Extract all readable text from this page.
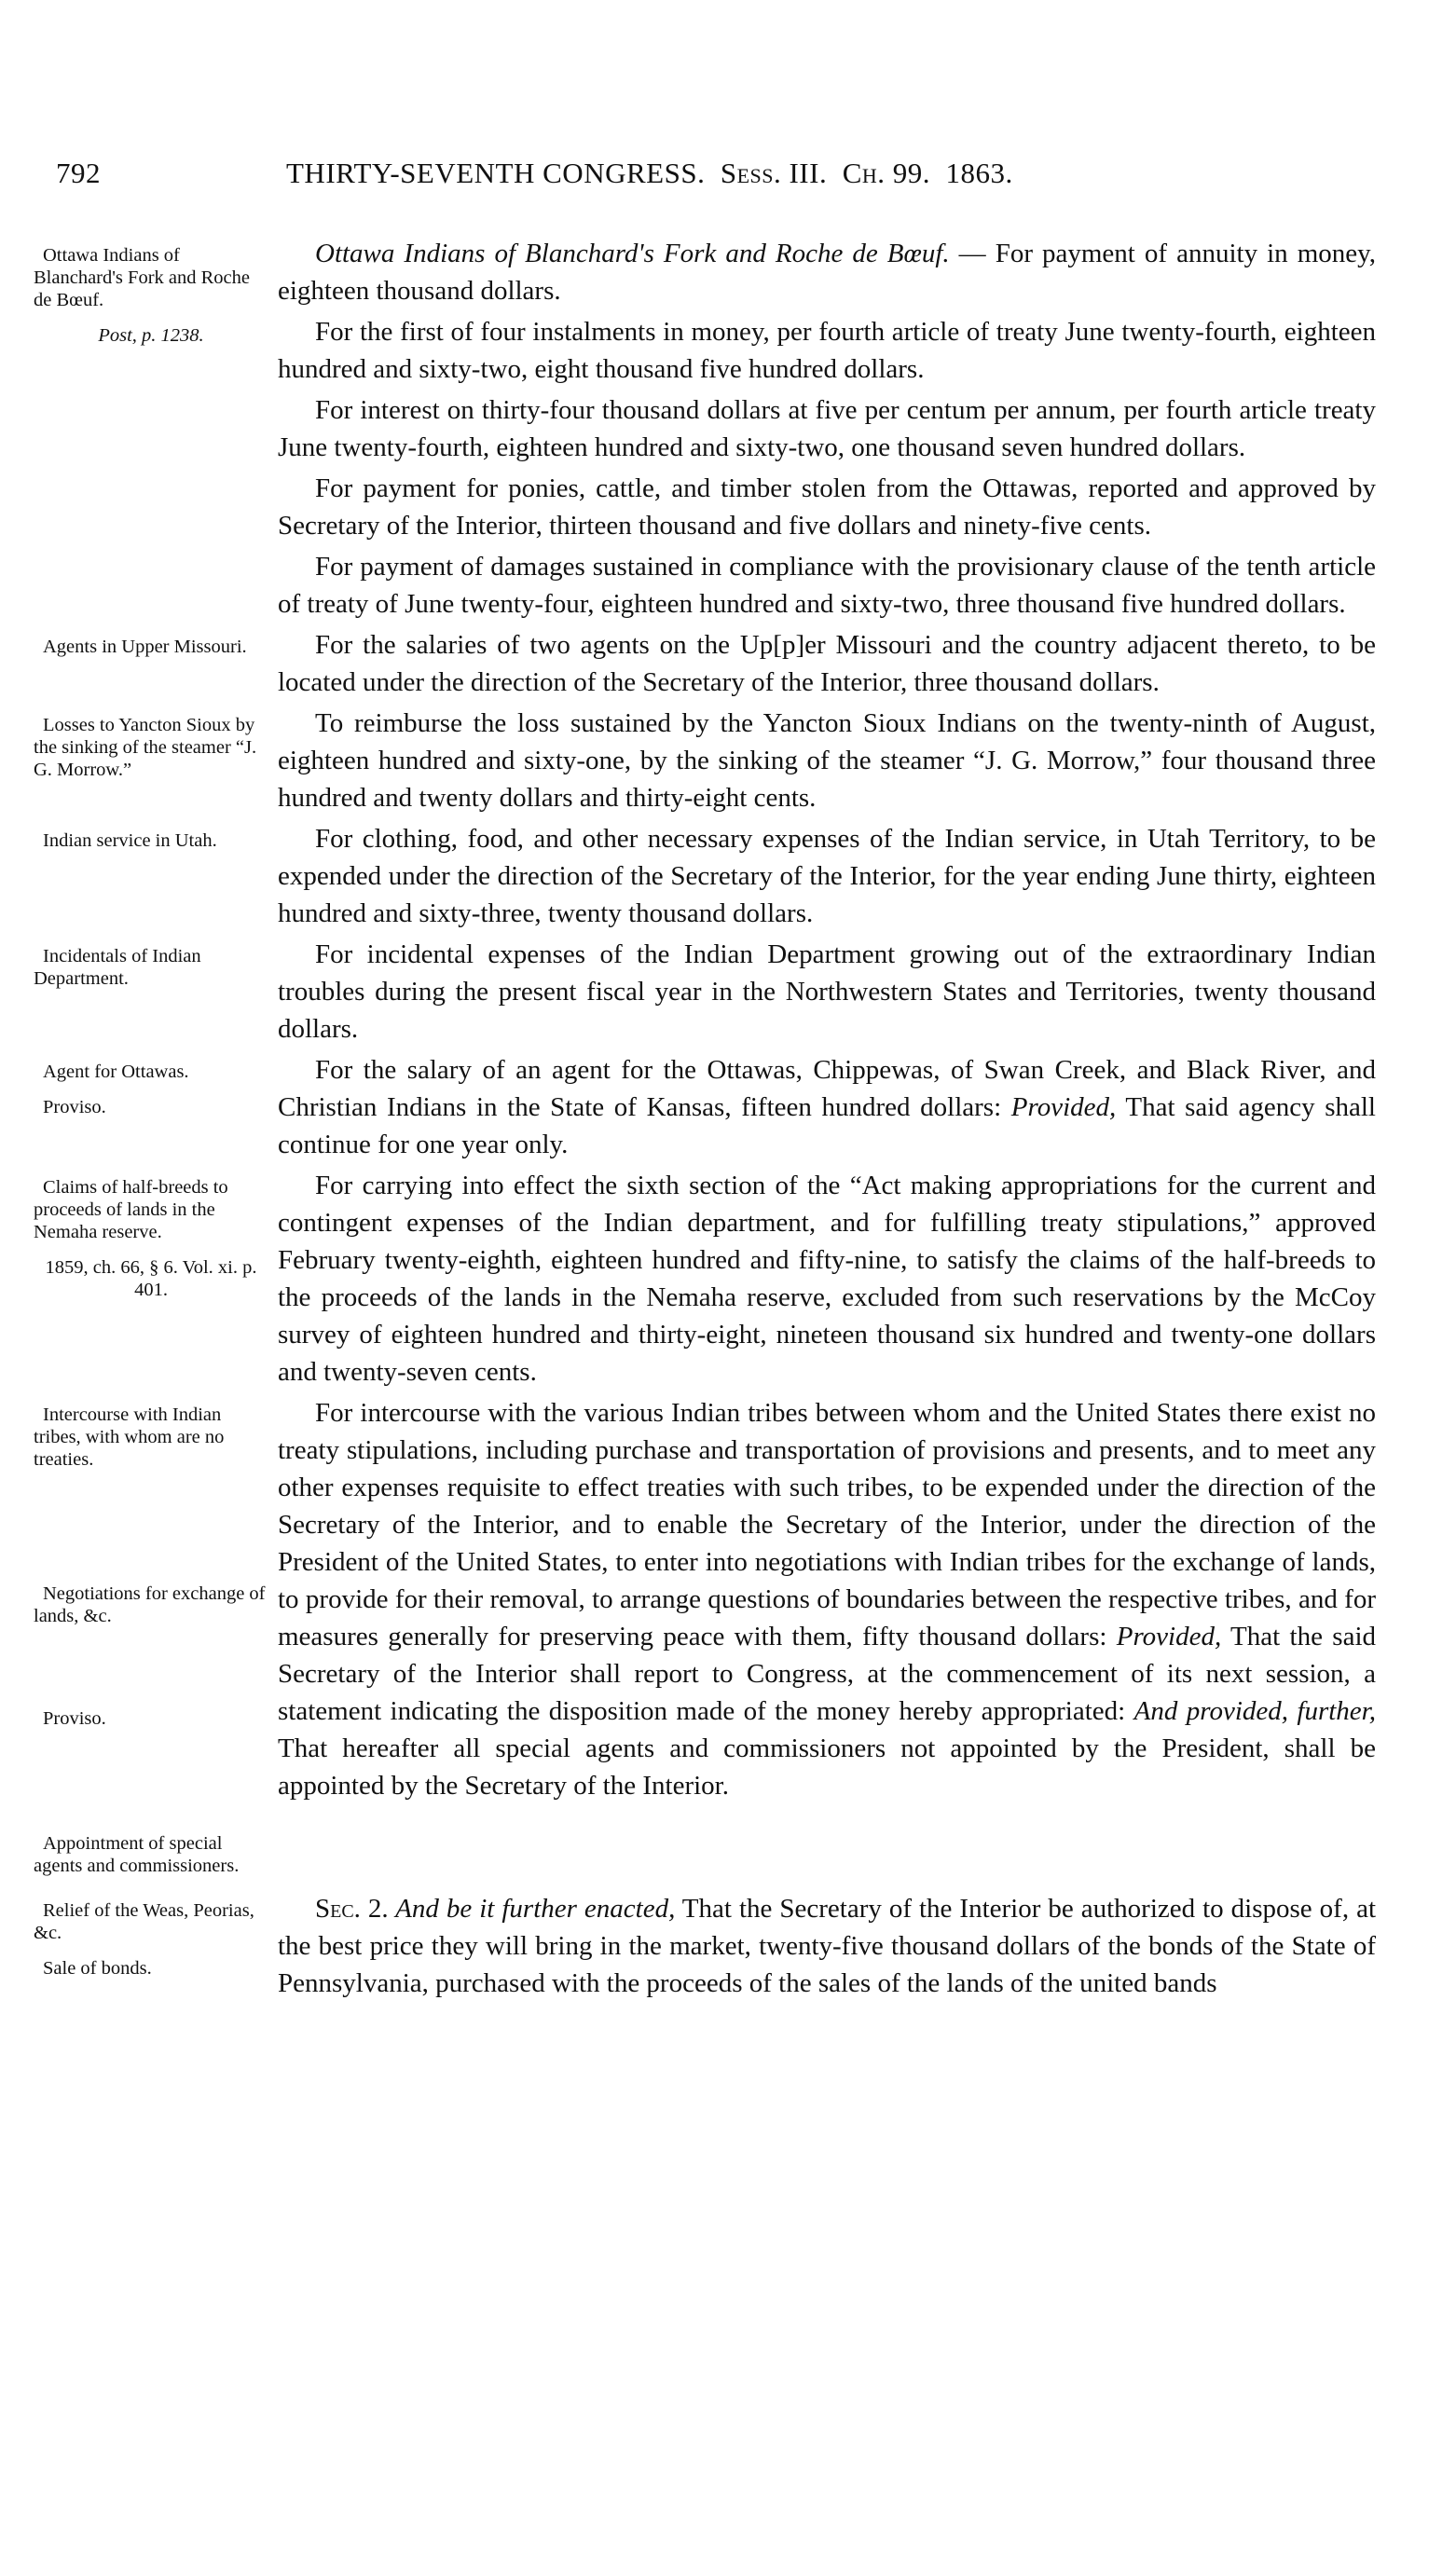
792	THIRTY-SEVENTH CONGRESS. Sess. III. Ch. 99. 1863.
Ottawa Indians of Blanchard's Fork and Roche de Bœuf.
Post, p. 1238.

Ottawa Indians of Blanchard's Fork and Roche de Bœuf. — For payment of annuity in money, eighteen thousand dollars.

For the first of four instalments in money, per fourth article of treaty June twenty-fourth, eighteen hundred and sixty-two, eight thousand five hundred dollars.

For interest on thirty-four thousand dollars at five per centum per annum, per fourth article treaty June twenty-fourth, eighteen hundred and sixty-two, one thousand seven hundred dollars.

For payment for ponies, cattle, and timber stolen from the Ottawas, reported and approved by Secretary of the Interior, thirteen thousand and five dollars and ninety-five cents.

For payment of damages sustained in compliance with the provisionary clause of the tenth article of treaty of June twenty-four, eighteen hundred and sixty-two, three thousand five hundred dollars.

Agents in Upper Missouri.	For the salaries of two agents on the Up[p]er Missouri and the country adjacent thereto, to be located under the direction of the Secretary of the Interior, three thousand dollars.

Losses to Yancton Sioux by the sinking of the steamer “J. G. Morrow.”

To reimburse the loss sustained by the Yancton Sioux Indians on the twenty-ninth of August, eighteen hundred and sixty-one, by the sinking of the steamer “J. G. Morrow,” four thousand three hundred and twenty dollars and thirty-eight cents.

Indian service in Utah.	For clothing, food, and other necessary expenses of the Indian service, in Utah Territory, to be expended under the direction of the Secretary of the Interior, for the year ending June thirty, eighteen hundred and sixty-three, twenty thousand dollars.

Incidentals of Indian Department.

For incidental expenses of the Indian Department growing out of the extraordinary Indian troubles during the present fiscal year in the Northwestern States and Territories, twenty thousand dollars.

Agent for Ottawas.
Proviso.

For the salary of an agent for the Ottawas, Chippewas, of Swan Creek, and Black River, and Christian Indians in the State of Kansas, fifteen hundred dollars: Provided, That said agency shall continue for one year only.

Claims of half-breeds to proceeds of lands in the Nemaha reserve.
1859, ch. 66, § 6. Vol. xi. p. 401.

For carrying into effect the sixth section of the “Act making appropriations for the current and contingent expenses of the Indian department, and for fulfilling treaty stipulations,” approved February twenty-eighth, eighteen hundred and fifty-nine, to satisfy the claims of the half-breeds to the proceeds of the lands in the Nemaha reserve, excluded from such reservations by the McCoy survey of eighteen hundred and thirty-eight, nineteen thousand six hundred and twenty-one dollars and twenty-seven cents.

Intercourse with Indian tribes, with whom are no treaties.
Negotiations for exchange of lands, &c.
Proviso.
Appointment of special agents and commissioners.

For intercourse with the various Indian tribes between whom and the United States there exist no treaty stipulations, including purchase and transportation of provisions and presents, and to meet any other expenses requisite to effect treaties with such tribes, to be expended under the direction of the Secretary of the Interior, and to enable the Secretary of the Interior, under the direction of the President of the United States, to enter into negotiations with Indian tribes for the exchange of lands, to provide for their removal, to arrange questions of boundaries between the respective tribes, and for measures generally for preserving peace with them, fifty thousand dollars: Provided, That the said Secretary of the Interior shall report to Congress, at the commencement of its next session, a statement indicating the disposition made of the money hereby appropriated: And provided, further, That hereafter all special agents and commissioners not appointed by the President, shall be appointed by the Secretary of the Interior.

Relief of the Weas, Peorias, &c.
Sale of bonds.

Sec. 2. And be it further enacted, That the Secretary of the Interior be authorized to dispose of, at the best price they will bring in the market, twenty-five thousand dollars of the bonds of the State of Pennsylvania, purchased with the proceeds of the sales of the lands of the united bands
